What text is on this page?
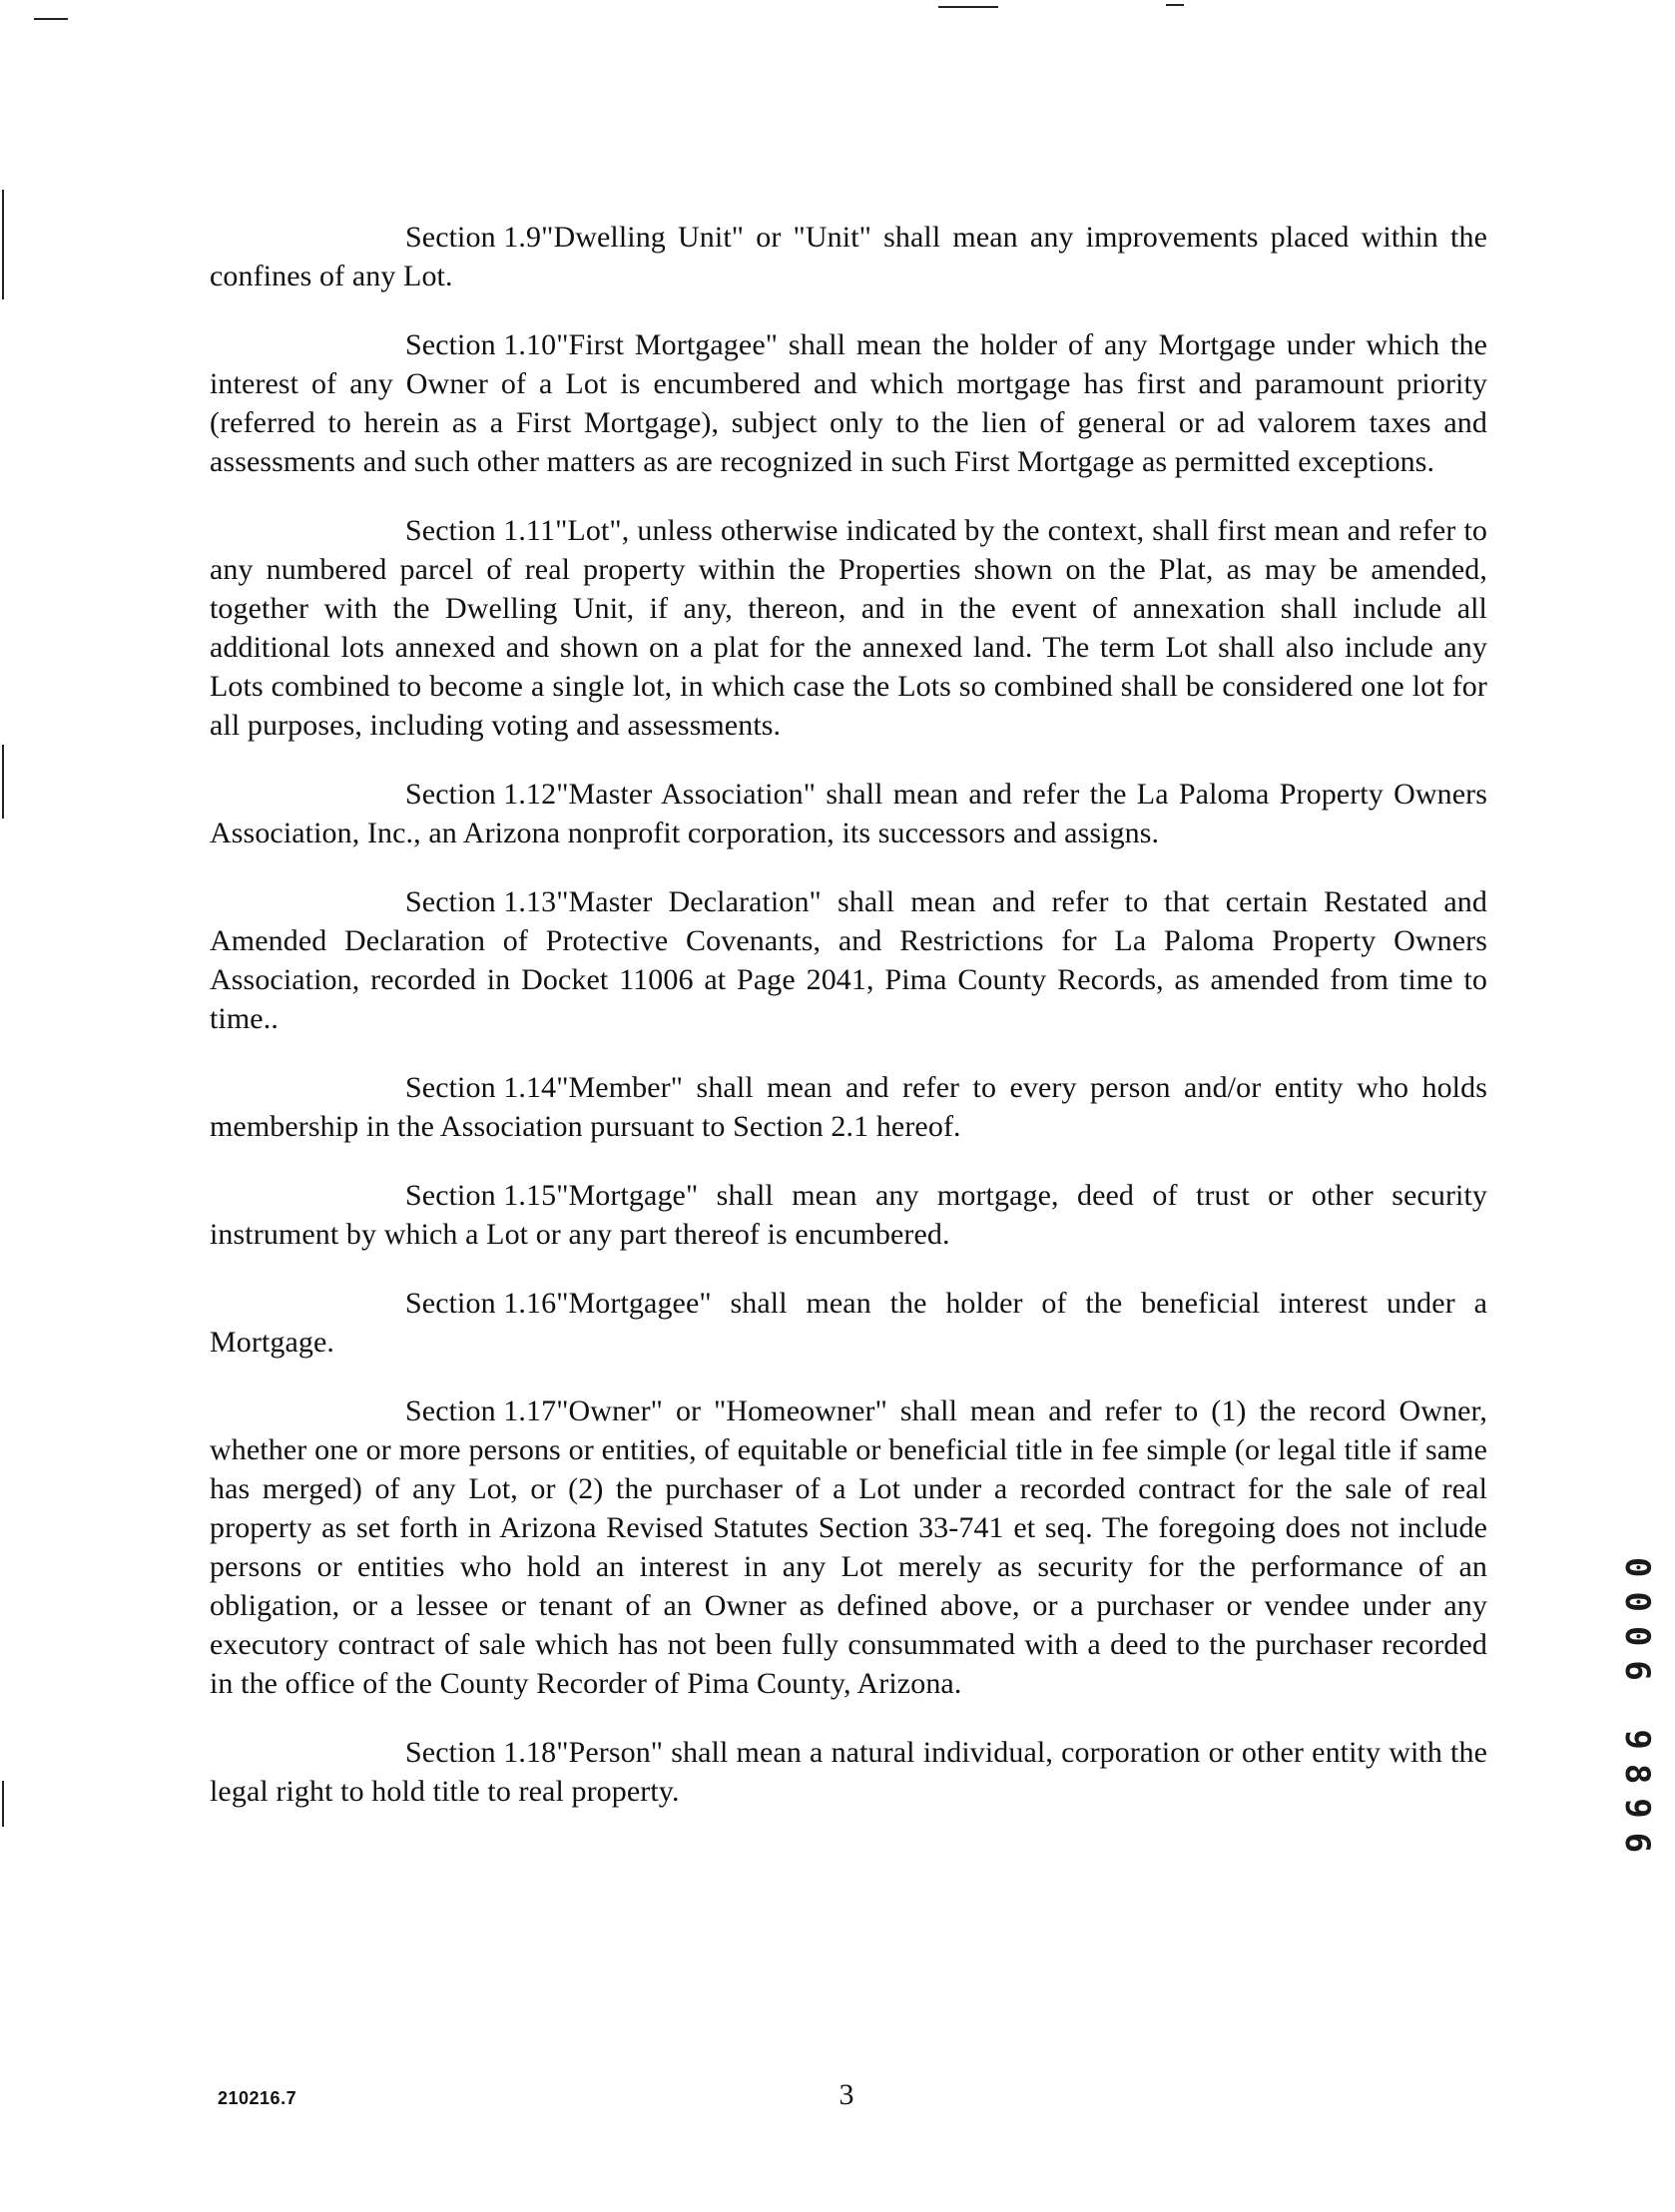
Section 1.9"Dwelling Unit" or "Unit" shall mean any improvements placed within the confines of any Lot.

Section 1.10"First Mortgagee" shall mean the holder of any Mortgage under which the interest of any Owner of a Lot is encumbered and which mortgage has first and paramount priority (referred to herein as a First Mortgage), subject only to the lien of general or ad valorem taxes and assessments and such other matters as are recognized in such First Mortgage as permitted exceptions.

Section 1.11"Lot", unless otherwise indicated by the context, shall first mean and refer to any numbered parcel of real property within the Properties shown on the Plat, as may be amended, together with the Dwelling Unit, if any, thereon, and in the event of annexation shall include all additional lots annexed and shown on a plat for the annexed land. The term Lot shall also include any Lots combined to become a single lot, in which case the Lots so combined shall be considered one lot for all purposes, including voting and assessments.

Section 1.12"Master Association" shall mean and refer the La Paloma Property Owners Association, Inc., an Arizona nonprofit corporation, its successors and assigns.

Section 1.13"Master Declaration" shall mean and refer to that certain Restated and Amended Declaration of Protective Covenants, and Restrictions for La Paloma Property Owners Association, recorded in Docket 11006 at Page 2041, Pima County Records, as amended from time to time..

Section 1.14"Member" shall mean and refer to every person and/or entity who holds membership in the Association pursuant to Section 2.1 hereof.

Section 1.15"Mortgage" shall mean any mortgage, deed of trust or other security instrument by which a Lot or any part thereof is encumbered.

Section 1.16"Mortgagee" shall mean the holder of the beneficial interest under a Mortgage.

Section 1.17"Owner" or "Homeowner" shall mean and refer to (1) the record Owner, whether one or more persons or entities, of equitable or beneficial title in fee simple (or legal title if same has merged) of any Lot, or (2) the purchaser of a Lot under a recorded contract for the sale of real property as set forth in Arizona Revised Statutes Section 33-741 et seq. The foregoing does not include persons or entities who hold an interest in any Lot merely as security for the performance of an obligation, or a lessee or tenant of an Owner as defined above, or a purchaser or vendee under any executory contract of sale which has not been fully consummated with a deed to the purchaser recorded in the office of the County Recorder of Pima County, Arizona.

Section 1.18"Person" shall mean a natural individual, corporation or other entity with the legal right to hold title to real property.

210216.7	3
0006 9896
